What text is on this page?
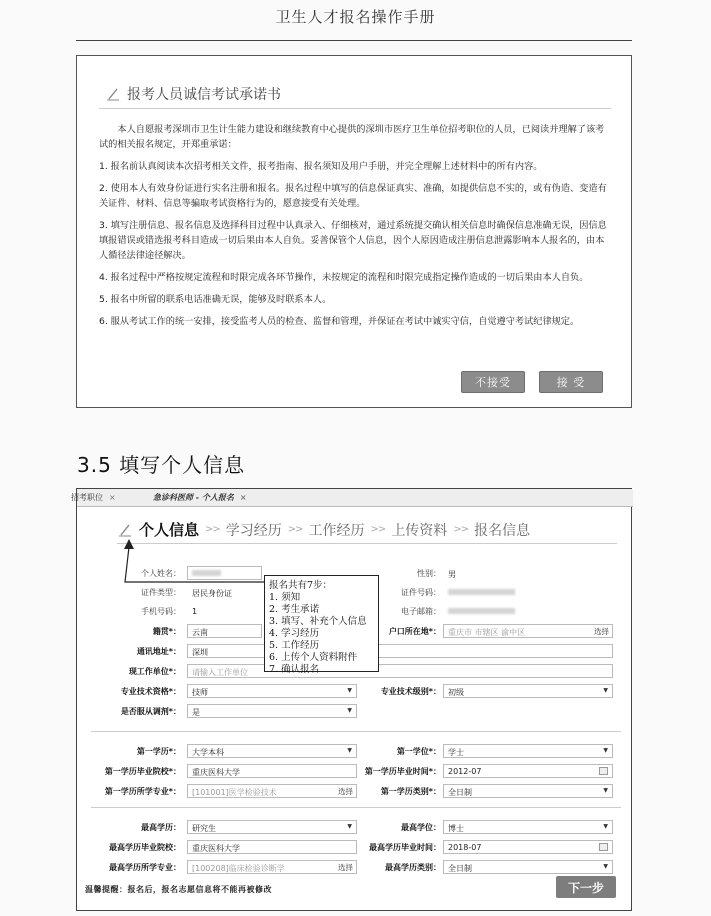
卫生人才报名操作手册
报考人员诚信考试承诺书

本人自愿报考深圳市卫生计生能力建设和继续教育中心提供的深圳市医疗卫生单位招考职位的人员，已阅读并理解了该考试的相关报名规定，开郑重承诺：

1. 报名前认真阅读本次招考相关文件，报考指南、报名须知及用户手册，并完全理解上述材料中的所有内容。

2. 使用本人有效身份证进行实名注册和报名。报名过程中填写的信息保证真实、准确，如提供信息不实的，或有伪造、变造有关证件、材料、信息等骗取考试资格行为的，愿意接受有关处理。

3. 填写注册信息、报名信息及选择科目过程中认真录入、仔细核对，通过系统提交确认相关信息时确保信息准确无误，因信息填报错误或错选报考科目造成一切后果由本人自负。妥善保管个人信息，因个人原因造成注册信息泄露影响本人报名的，由本人循径法律途径解决。

4. 报名过程中严格按规定流程和时限完成各环节操作，未按规定的流程和时限完成指定操作造成的一切后果由本人自负。

5. 报名中所留的联系电话准确无误，能够及时联系本人。

6. 服从考试工作的统一安排，接受监考人员的检查、监督和管理，并保证在考试中诚实守信，自觉遵守考试纪律规定。

不接受	接 受
3.5 填写个人信息
招考职位 ×	急诊科医师 - 个人报名 ×
个人信息 >> 学习经历 >> 工作经历 >> 上传资料 >> 报名信息
个人姓名：	性别： 男
证件类型：	居民身份证	证件号码：
手机号码：	1	电子邮箱：
籍贯*：	云南	户口所在地*： 重庆市 市辖区 渝中区	选择
通讯地址*：	深圳
现工作单位*：	请输入工作单位
专业技术资格*：	技师	▼	专业技术级别*： 初级	▼
是否服从调剂*：	是	▼
第一学历*：	大学本科	▼	第一学位*： 学士	▼
第一学历毕业院校*：	重庆医科大学	第一学历毕业时间*： 2012-07
第一学历所学专业*：	[101001]医学检验技术	选择	第一学历类别*： 全日制	▼
最高学历：	研究生	▼	最高学位： 博士	▼
最高学历毕业院校：	重庆医科大学	最高学历毕业时间： 2018-07
最高学历所学专业：	[100208]临床检验诊断学	选择	最高学历类别： 全日制	▼
报名共有7步：
1. 须知
2. 考生承诺
3. 填写、补充个人信息
4. 学习经历
5. 工作经历
6. 上传个人资料附件
7. 确认报名
温馨提醒：报名后，报名志愿信息将不能再被修改	下一步
